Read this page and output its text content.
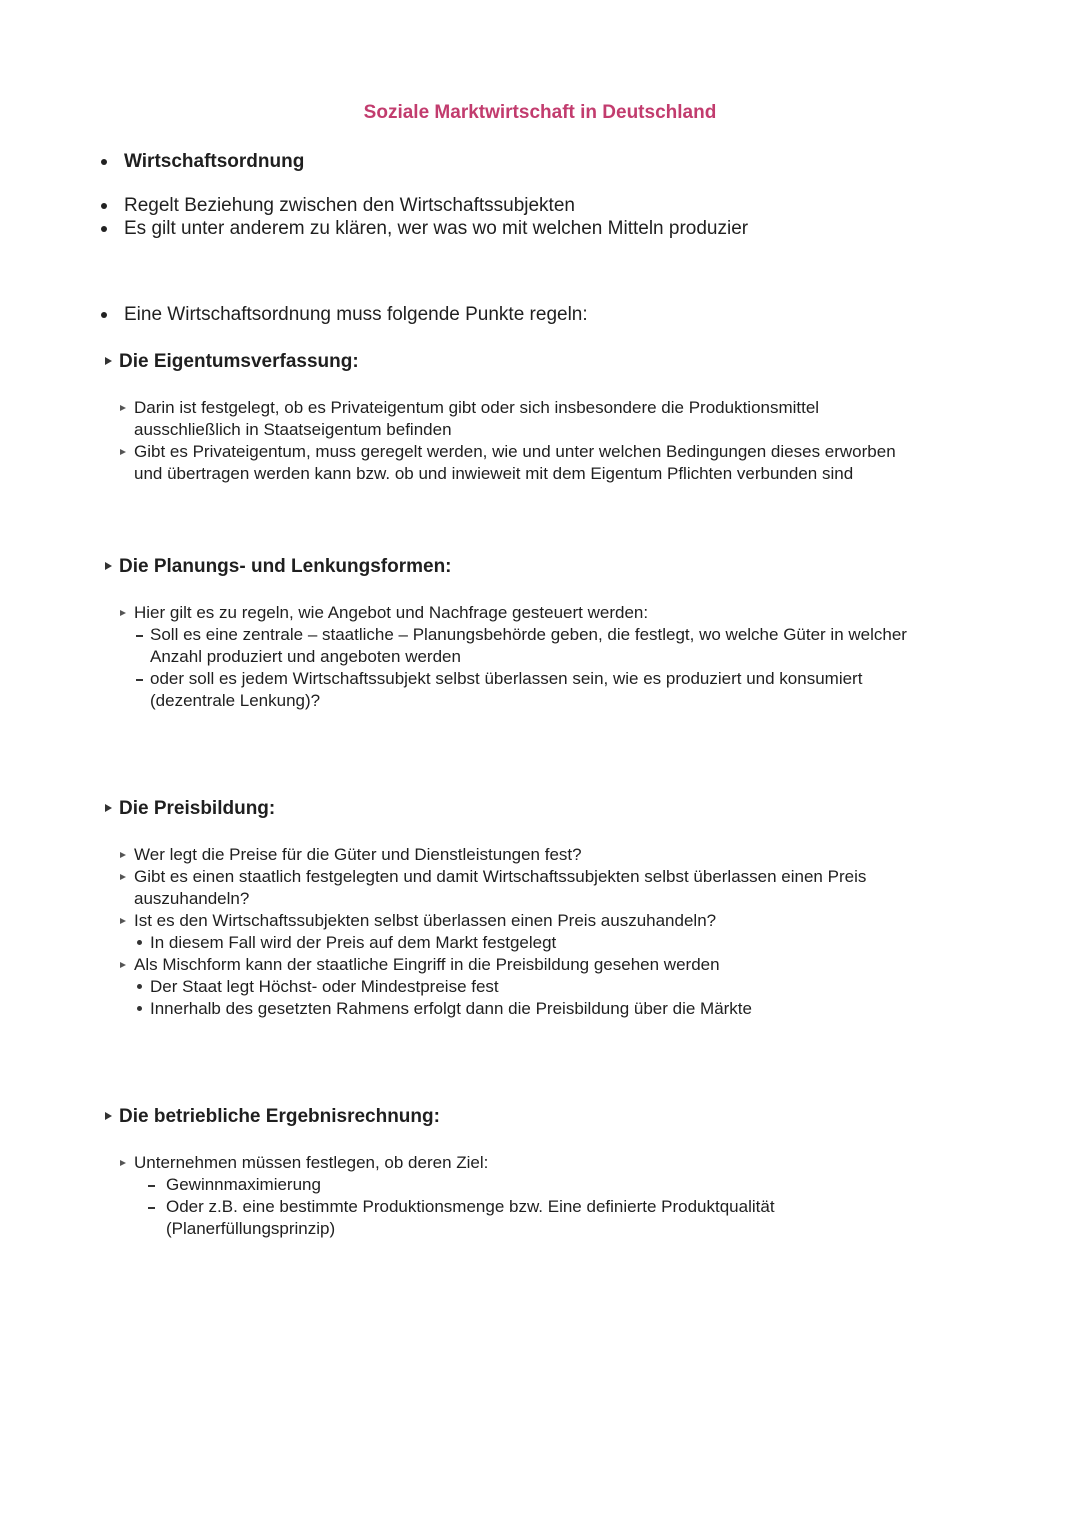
Soziale Marktwirtschaft in Deutschland
Wirtschaftsordnung
Regelt Beziehung zwischen den Wirtschaftssubjekten
Es gilt unter anderem zu klären, wer was wo mit welchen Mitteln produzier
Eine Wirtschaftsordnung muss folgende Punkte regeln:
Die Eigentumsverfassung:
Darin ist festgelegt, ob es Privateigentum gibt oder sich insbesondere die Produktionsmittel
ausschließlich in Staatseigentum befinden
Gibt es Privateigentum, muss geregelt werden, wie und unter welchen Bedingungen dieses erworben
und übertragen werden kann bzw. ob und inwieweit mit dem Eigentum Pflichten verbunden sind
Die Planungs- und Lenkungsformen:
Hier gilt es zu regeln, wie Angebot und Nachfrage gesteuert werden:
Soll es eine zentrale – staatliche – Planungsbehörde geben, die festlegt, wo welche Güter in welcher
Anzahl produziert und angeboten werden
oder soll es jedem Wirtschaftssubjekt selbst überlassen sein, wie es produziert und konsumiert
(dezentrale Lenkung)?
Die Preisbildung:
Wer legt die Preise für die Güter und Dienstleistungen fest?
Gibt es einen staatlich festgelegten und damit Wirtschaftssubjekten selbst überlassen einen Preis
auszuhandeln?
Ist es den Wirtschaftssubjekten selbst überlassen einen Preis auszuhandeln?
In diesem Fall wird der Preis auf dem Markt festgelegt
Als Mischform kann der staatliche Eingriff in die Preisbildung gesehen werden
Der Staat legt Höchst- oder Mindestpreise fest
Innerhalb des gesetzten Rahmens erfolgt dann die Preisbildung über die Märkte
Die betriebliche Ergebnisrechnung:
Unternehmen müssen festlegen, ob deren Ziel:
Gewinnmaximierung
Oder z.B. eine bestimmte Produktionsmenge bzw. Eine definierte Produktqualität
(Planerfüllungsprinzip)
